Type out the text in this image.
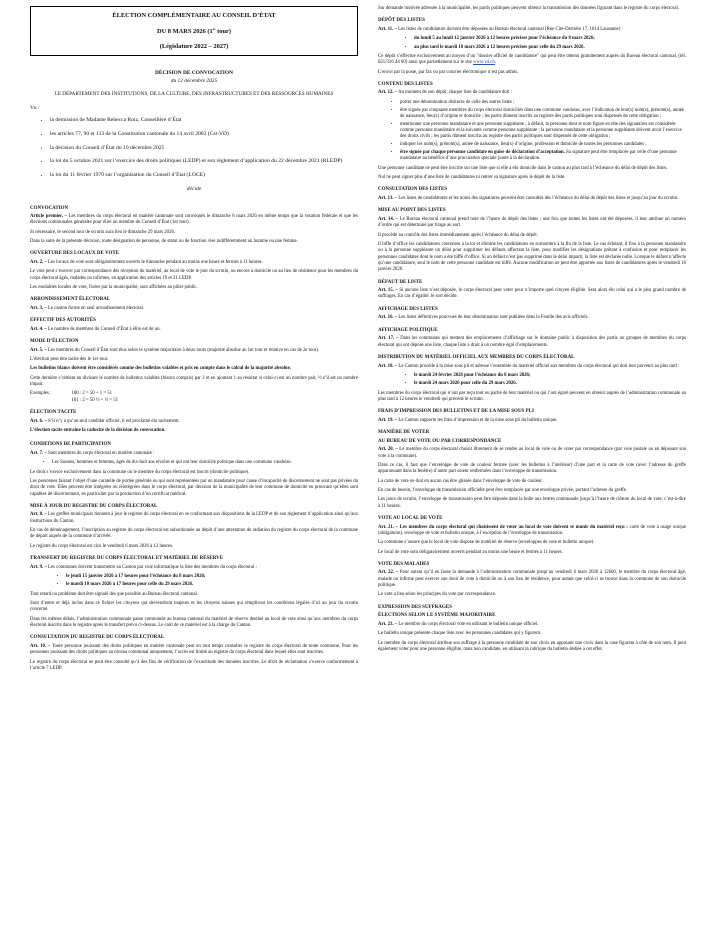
ÉLECTION COMPLÉMENTAIRE AU CONSEIL D’ÉTAT
DU 8 MARS 2026 (1er tour)
(Législature 2022 – 2027)
DÉCISION DE CONVOCATION
du 12 décembre 2025
LE DÉPARTEMENT DES INSTITUTIONS, DE LA CULTURE, DES INFRASTRUCTURES ET DES RESSOURCES HUMAINES
Vu :
• la démission de Madame Rebecca Ruiz, Conseillère d’État
• les articles 77, 90 et 113 de la Constitution cantonale du 14 avril 2003 (Cst-VD)
• la décision du Conseil d’État du 10 décembre 2025
• la loi du 5 octobre 2021 sur l’exercice des droits politiques (LEDP) et son règlement d’application du 22 décembre 2021 (RLEDP)
• la loi du 11 février 1970 sur l’organisation du Conseil d’État (LOCE)
décide
CONVOCATION

Article premier. – Les membres du corps électoral en matière cantonale sont convoqués le dimanche 8 mars 2026 en même temps que la votation fédérale et que les élections communales générales pour élire un membre du Conseil d’État (1er tour).

Si nécessaire, le second tour de scrutin aura lieu le dimanche 29 mars 2026.

Dans la suite de la présente décision, toute désignation de personne, de statut ou de fonction vise indifféremment un homme ou une femme.

OUVERTURE DES LOCAUX DE VOTE

Art. 2. – Les locaux de vote sont obligatoirement ouverts le dimanche pendant au moins une heure et fermés à 11 heures.

Le vote peut s’exercer par correspondance dès réception du matériel, au local de vote le jour du scrutin, ou encore à domicile ou au lieu de résidence pour les membres du corps électoral âgés, malades ou infirmes, en application des articles 19 et 21 LEDP.

Les modalités locales de vote, fixées par la municipalité, sont affichées au pilier public.

ARRONDISSEMENT ÉLECTORAL

Art. 3. – Le canton forme un seul arrondissement électoral.

EFFECTIF DES AUTORITÉS

Art. 4. – Le nombre de membres du Conseil d’État à élire est de un.

MODE D’ÉLECTION

Art. 5. – Les membres du Conseil d’État sont élus selon le système majoritaire à deux tours (majorité absolue au 1er tour et relative en cas de 2e tour).

L’élection peut être tacite dès le 1er tour.

Les bulletins blancs doivent être considérés comme des bulletins valables et pris en compte dans le calcul de la majorité absolue.

Cette dernière s’obtient en divisant le nombre de bulletins valables (blancs compris) par 2 et en ajoutant 1 au résultat si celui-ci est un nombre pair, ½ s’il est un nombre impair.

Exemples :	100 : 2 = 50 + 1 = 51
	101 : 2 = 50 ½ + ½ = 51
ÉLECTION TACITE

Art. 6. – S’il n’y a qu’un seul candidat officiel, il est proclamé élu tacitement.

L’élection tacite entraîne la caducité de la décision de convocation.

CONDITIONS DE PARTICIPATION

Art. 7. – Sont membres du corps électoral en matière cantonale :

• Les Suisses, hommes et femmes, âgés de dix-huit ans révolus et qui ont leur domicile politique dans une commune vaudoise.

Le droit s’exerce exclusivement dans la commune où le membre du corps électoral est inscrit (domicile politique).

Les personnes faisant l’objet d’une curatelle de portée générale ou qui sont représentées par un mandataire pour cause d’incapacité de discernement ne sont pas privées du droit de vote. Elles peuvent être intégrées ou réintégrées dans le corps électoral, par décision de la municipalité de leur commune de domicile en prouvant qu’elles sont capables de discernement, en particulier par la production d’un certificat médical.

MISE À JOUR DU REGISTRE DU CORPS ÉLECTORAL

Art. 8. – Les greffes municipaux tiennent à jour le registre du corps électoral en se conformant aux dispositions de la LEDP et de son règlement d’application ainsi qu’aux instructions du Canton.

En cas de déménagement, l’inscription au registre du corps électoral est subordonnée au dépôt d’une attestation de radiation du registre du corps électoral de la commune de départ auprès de la commune d’arrivée.

Le registre du corps électoral est clos le vendredi 6 mars 2026 à 12 heures.

TRANSFERT DU REGISTRE DU CORPS ÉLECTORAL ET MATÉRIEL DE RÉSERVE

Art. 9. – Les communes doivent transmettre au Canton par voie informatique la liste des membres du corps électoral :

• le jeudi 15 janvier 2026 à 17 heures pour l’échéance du 8 mars 2026;
• le mardi 10 mars 2026 à 17 heures pour celle du 29 mars 2026.

Tout retard ou problème doit être signalé dès que possible au Bureau électoral cantonal.

Sont d’entre et déjà inclus dans ce fichier les citoyens qui deviendront majeurs et les citoyens suisses qui rempliront les conditions légales d’ici au jour du scrutin concerné.

Dans les mêmes délais, l’administration communale passe commande au bureau cantonal du matériel de réserve destiné au local de vote ainsi qu’aux membres du corps électoral inscrits dans le registre après le transfert prévu ci-dessus. Le coût de ce matériel est à la charge du Canton.

CONSULTATION DU REGISTRE DU CORPS ÉLECTORAL

Art. 10. – Toute personne jouissant des droits politiques en matière cantonale peut en tout temps consulter le registre du corps électoral de toute commune. Pour les personnes jouissant des droits politiques au niveau communal uniquement, l’accès est limité au registre du corps électoral dans lequel elles sont inscrites.

Le registre du corps électoral ne peut être consulté qu’à des fins de vérification de l’exactitude des données inscrites. Le droit de réclamation s’exerce conformément à l’article 7 LEDP.

Sur demande motivée adressée à la municipalité, les partis politiques peuvent obtenir la transmission des données figurant dans le registre du corps électoral.

DÉPÔT DES LISTES

Art. 11. – Les listes de candidature doivent être déposées au Bureau électoral cantonal (Rue Cité-Derrière 17, 1014 Lausanne) :

• du lundi 5 au lundi 12 janvier 2026 à 12 heures précises pour l’échéance du 8 mars 2026;
• au plus tard le mardi 10 mars 2026 à 12 heures précises pour celle du 29 mars 2026.

Ce dépôt s’effectue exclusivement au moyen d’un "dossier officiel de candidature" qui peut être obtenu gratuitement auprès du Bureau électoral cantonal, (tél. 021/316 44 00) ainsi que partiellement sur le site www.vd.ch.

L’envoi par la poste, par fax ou par courrier électronique n’est pas admis.

CONTENU DES LISTES

Art. 12. – Au moment de son dépôt, chaque liste de candidature doit :

• porter une dénomination distincte de celle des autres listes ;
• être signée par cinquante membres du corps électoral domiciliés dans une commune vaudoise, avec l’indication de leur(s) nom(s), prénom(s), année de naissance, lieu(x) d’origine et domicile ; les partis dûment inscrits au registre des partis politiques sont dispensés de cette obligation ;
• mentionner une personne mandataire et une personne suppléante ; à défaut, la personne dont le nom figure en tête des signataires est considérée comme personne mandataire et la suivante comme personne suppléante ; la personne mandataire et la personne suppléante doivent avoir l’exercice des droits civils ; les partis dûment inscrits au registre des partis politiques sont dispensés de cette obligation ;
• indiquer les nom(s), prénom(s), année de naissance, lieu(x) d’origine, profession et domicile de toutes les personnes candidates ;
• être signée par chaque personne candidate en guise de déclaration d’acceptation. Sa signature peut être remplacée par celle d’une personne mandataire au bénéfice d’une procuration spéciale jointe à la déclaration.

Une personne candidate ne peut être inscrite sur une liste que si elle a élu domicile dans le canton au plus tard à l’échéance du délai de dépôt des listes.

Nul ne peut signer plus d’une liste de candidatures ni retirer sa signature après le dépôt de la liste.

CONSULTATION DES LISTES

Art. 13. – Les listes de candidatures et les noms des signataires peuvent être consultés dès l’échéance du délai de dépôt des listes et jusqu’au jour du scrutin.

MISE AU POINT DES LISTES

Art. 14. – Le Bureau électoral cantonal prend note de l’heure du dépôt des listes ; une fois que toutes les listes ont été déposées, il leur attribue un numéro d’ordre qui est déterminé par tirage au sort.

Il procède au contrôle des listes immédiatement après l’échéance du délai de dépôt.

Il biffe d’office les candidatures contraires à la loi et élimine les candidatures en surnombre à la fin de la liste. Le cas échéant, il fixe à la personne mandataire ou à la personne suppléante un délai pour supprimer les défauts affectant la liste, pour modifier les désignations prêtant à confusion et pour remplacer les personnes candidates dont le nom a été biffé d’office. Si un défaut n’est pas supprimé dans le délai imparti, la liste est déclarée nulle. Lorsque le défaut n’affecte qu’une candidature, seul le nom de cette personne candidate est biffé. Aucune modification ne peut être apportée aux listes de candidatures après le vendredi 16 janvier 2026.

DÉFAUT DE LISTE

Art. 15. – Si aucune liste n’est déposée, le corps électoral peut voter pour n’importe quel citoyen éligible. Sera alors élu celui qui a le plus grand nombre de suffrages. En cas d’égalité, le sort décide.

AFFICHAGE DES LISTES

Art. 16. – Les listes définitives pourvues de leur dénomination sont publiées dans la Feuille des avis officiels.

AFFICHAGE POLITIQUE

Art. 17. – Dans les communes qui mettent des emplacements d’affichage sur le domaine public à disposition des partis ou groupes de membres du corps électoral qui ont déposé une liste, chaque liste a droit à un nombre égal d’emplacements.

DISTRIBUTION DU MATÉRIEL OFFICIEL AUX MEMBRES DU CORPS ÉLECTORAL

Art. 18. – Le Canton procède à la mise sous pli et adresse l’ensemble du matériel officiel aux membres du corps électoral qui doit leur parvenir au plus tard :

• le mardi 24 février 2026 pour l’échéance du 8 mars 2026;
• le mardi 24 mars 2026 pour celle du 29 mars 2026.

Les membres du corps électoral qui n’ont pas reçu tout ou partie de leur matériel ou qui l’ont égaré peuvent en obtenir auprès de l’administration communale au plus tard à 12 heures le vendredi qui précède le scrutin.

FRAIS D’IMPRESSION DES BULLETINS ET DE LA MISE SOUS PLI

Art. 19. – Le Canton supporte les frais d’impression et de la mise sous pli du bulletin unique.

MANIÈRE DE VOTER
AU BUREAU DE VOTE OU PAR CORRESPONDANCE

Art. 20. – Le membre du corps électoral choisit librement de se rendre au local de vote ou de voter par correspondance (par voie postale ou en déposant son vote à la commune).

Dans ce cas, il faut que l’enveloppe de vote de couleur fermée (avec les bulletins à l’intérieur) d’une part et la carte de vote (avec l’adresse du greffe apparaissant dans la fenêtre) d’autre part soient renfermées dans l’enveloppe de transmission.

La carte de vote ne doit en aucun cas être glissée dans l’enveloppe de vote de couleur.

En cas de besoin, l’enveloppe de transmission officielle peut être remplacée par une enveloppe privée, portant l’adresse du greffe.

Les jours de scrutin, l’enveloppe de transmission peut être déposée dans la boîte aux lettres communale jusqu’à l’heure de clôture du local de vote, c’est-à-dire à 11 heures.

VOTE AU LOCAL DE VOTE

Art. 21. – Les membres du corps électoral qui choisissent de voter au local de vote doivent se munir du matériel reçu : carte de vote à usage unique (obligatoire), enveloppe de vote et bulletin unique, à l’exception de l’enveloppe de transmission.

La commune s’assure que le local de vote dispose de matériel de réserve (enveloppes de vote et bulletin unique).

Le local de vote sont obligatoirement ouverts pendant au moins une heure et fermés à 11 heures.

VOTE DES MALADES

Art. 22. – Pour autant qu’il en fasse la demande à l’administration communale jusqu’au vendredi 6 mars 2026 à 12h00, le membre du corps électoral âgé, malade ou infirme peut exercer son droit de vote à domicile ou à son lieu de résidence, pour autant que celui-ci se trouve dans la commune de son domicile politique.

Le vote a lieu selon les principes du vote par correspondance.

EXPRESSION DES SUFFRAGES
ÉLECTIONS SELON LE SYSTÈME MAJORITAIRE

Art. 23. – Le membre du corps électoral vote en utilisant le bulletin unique officiel.

Le bulletin unique présente chaque liste avec les personnes candidates qui y figurent.

Le membre du corps électoral attribue son suffrage à la personne candidate de son choix en apposant une croix dans la case figurant à côté de son nom. Il peut également voter pour une personne éligible, mais non candidate, en utilisant la rubrique du bulletin dédiée à cet effet.
